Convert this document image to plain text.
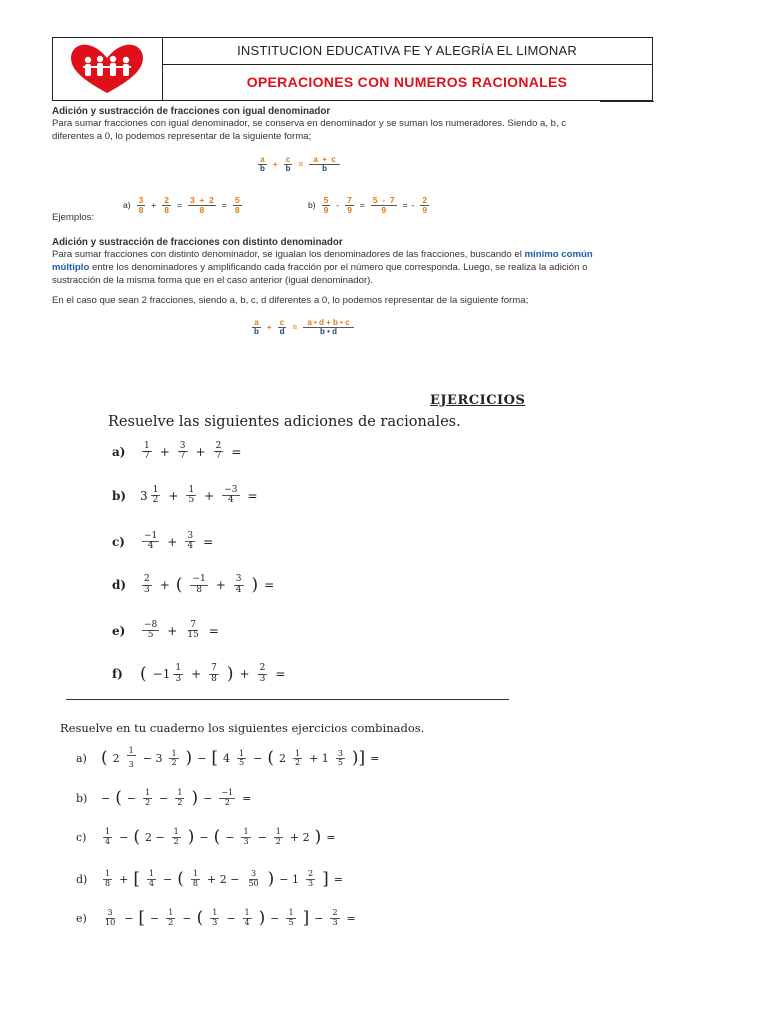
INSTITUCION EDUCATIVA FE Y ALEGRÍA EL LIMONAR
OPERACIONES CON NUMEROS RACIONALES
Adición y sustracción de fracciones con igual denominador
Para sumar fracciones con igual denominador, se conserva en denominador y se suman los numeradores. Siendo a, b, c diferentes a 0, lo podemos representar de la siguiente forma;
a
$b + \frac{c}{b} = \frac{a + c}{b}$
Ejemplos:
a)
3
$8 + \frac{2}{8} = \frac{3 + 2}{8} = \frac{5}{8}$	b)
5
$9 - \frac{7}{9} = \frac{5 - 7}{9}$ = -
2
9
Adición y sustracción de fracciones con distinto denominador
Para sumar fracciones con distinto denominador, se igualan los denominadores de las fracciones, buscando el mínimo común múltiplo entre los denominadores y amplificando cada fracción por el número que corresponda. Luego, se realiza la adición o sustracción de la misma forma que en el caso anterior (igual denominador).
En el caso que sean 2 fracciones, siendo a, b, c, d diferentes a 0, lo podemos representar de la siguiente forma;
a
$b + \frac{c}{d} = \frac{a • d + b • c}{b • d}$
EJERCICIOS
Resuelve las siguientes adiciones de racionales.
a)	1
7 + 3
7 + 2
7 =
b)	3 1
2 + 1
5 + −3
4 =
c)	−1
4 + 3
4 =
d)	2
3 + ( −1
8 + 3
4 ) =
e)	−8
5 + 7
15 =
f)	( −1 1
3 + 7
8 ) + 2
3 =
Resuelve en tu cuaderno los siguientes ejercicios combinados.
a) ( 2
1
3 − 3 1
2 ) − [ 4 1
5 − ( 2 1
2 + 1 3
5 )] =
b)	− ( − 1
2 − 1
2 ) − −1
2 =
c)	1
4 − ( 2 − 1
2 ) − ( − 1
3 − 1
2 + 2 ) =
d)	1
8 + [ 1
4 − ( 1
8 + 2 − 3
50 ) − 1 2
3 ] =
e)	3
10 − [ − 1
2 − ( 1
3 − 1
4 ) − 1
5 ] − 2
3 =
